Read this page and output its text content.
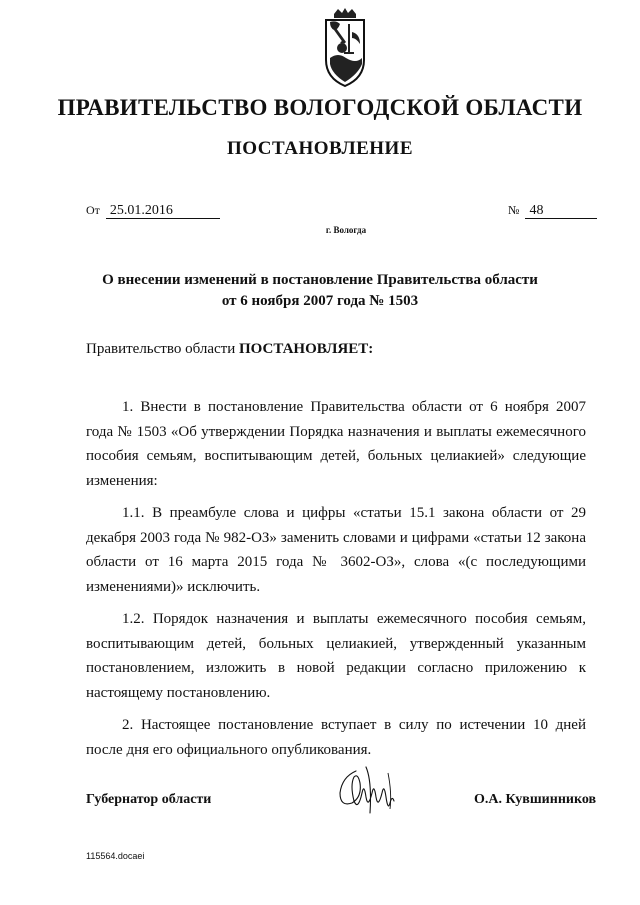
ПРАВИТЕЛЬСТВО ВОЛОГОДСКОЙ ОБЛАСТИ
ПОСТАНОВЛЕНИЕ
От 25.01.2016	№ 48
г. Вологда
О внесении изменений в постановление Правительства области
от 6 ноября 2007 года № 1503
Правительство области ПОСТАНОВЛЯЕТ:

1. Внести в постановление Правительства области от 6 ноября 2007 года № 1503 «Об утверждении Порядка назначения и выплаты ежемесячного пособия семьям, воспитывающим детей, больных целиакией» следующие изменения:

1.1. В преамбуле слова и цифры «статьи 15.1 закона области от 29 декабря 2003 года № 982-ОЗ» заменить словами и цифрами «статьи 12 закона области от 16 марта 2015 года № 3602-ОЗ», слова «(с последующими изменениями)» исключить.

1.2. Порядок назначения и выплаты ежемесячного пособия семьям, воспитывающим детей, больных целиакией, утвержденный указанным постановлением, изложить в новой редакции согласно приложению к настоящему постановлению.

2. Настоящее постановление вступает в силу по истечении 10 дней после дня его официального опубликования.

Губернатор области	О.А. Кувшинников
115564.docaei
